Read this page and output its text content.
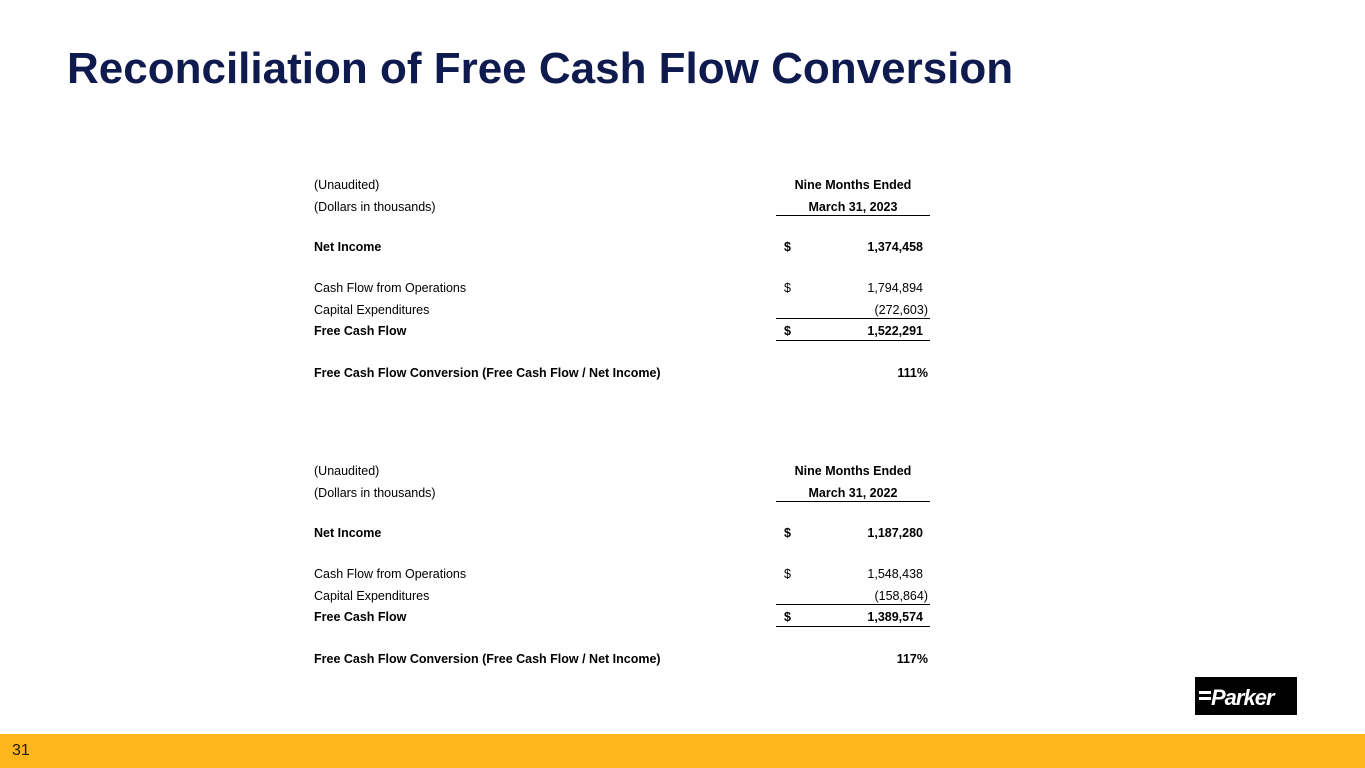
Reconciliation of Free Cash Flow Conversion
(Unaudited)	Nine Months Ended
(Dollars in thousands)	March 31, 2023
Net Income	$	1,374,458
Cash Flow from Operations	$	1,794,894
Capital Expenditures	(272,603)
Free Cash Flow	$	1,522,291
Free Cash Flow Conversion (Free Cash Flow / Net Income)	111%
(Unaudited)	Nine Months Ended
(Dollars in thousands)	March 31, 2022
Net Income	$	1,187,280
Cash Flow from Operations	$	1,548,438
Capital Expenditures	(158,864)
Free Cash Flow	$	1,389,574
Free Cash Flow Conversion (Free Cash Flow / Net Income)	117%
Parker
31
